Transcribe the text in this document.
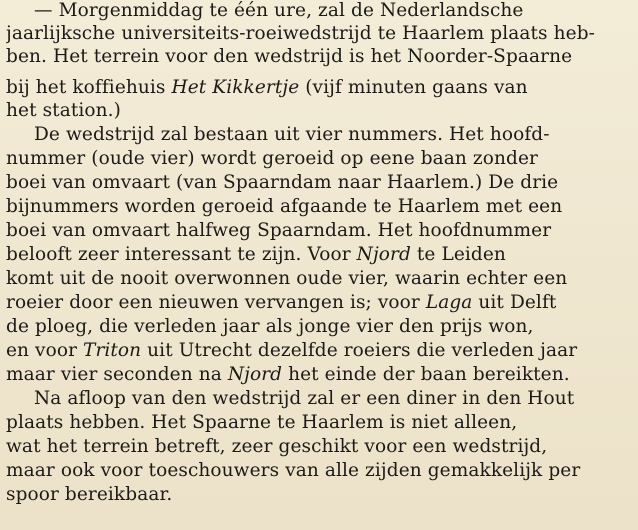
— Morgenmiddag te één ure, zal de Nederlandsche
jaarlijksche universiteits-roeiwedstrijd te Haarlem plaats heb-
ben. Het terrein voor den wedstrijd is het Noorder-Spaarne
bij het koffiehuis Het Kikkertje (vijf minuten gaans van
het station.)
De wedstrijd zal bestaan uit vier nummers. Het hoofd-
nummer (oude vier) wordt geroeid op eene baan zonder
boei van omvaart (van Spaarndam naar Haarlem.) De drie
bijnummers worden geroeid afgaande te Haarlem met een
boei van omvaart halfweg Spaarndam. Het hoofdnummer
belooft zeer interessant te zijn. Voor Njord te Leiden
komt uit de nooit overwonnen oude vier, waarin echter een
roeier door een nieuwen vervangen is; voor Laga uit Delft
de ploeg, die verleden jaar als jonge vier den prijs won,
en voor Triton uit Utrecht dezelfde roeiers die verleden jaar
maar vier seconden na Njord het einde der baan bereikten.
Na afloop van den wedstrijd zal er een diner in den Hout
plaats hebben. Het Spaarne te Haarlem is niet alleen,
wat het terrein betreft, zeer geschikt voor een wedstrijd,
maar ook voor toeschouwers van alle zijden gemakkelijk per
spoor bereikbaar.
